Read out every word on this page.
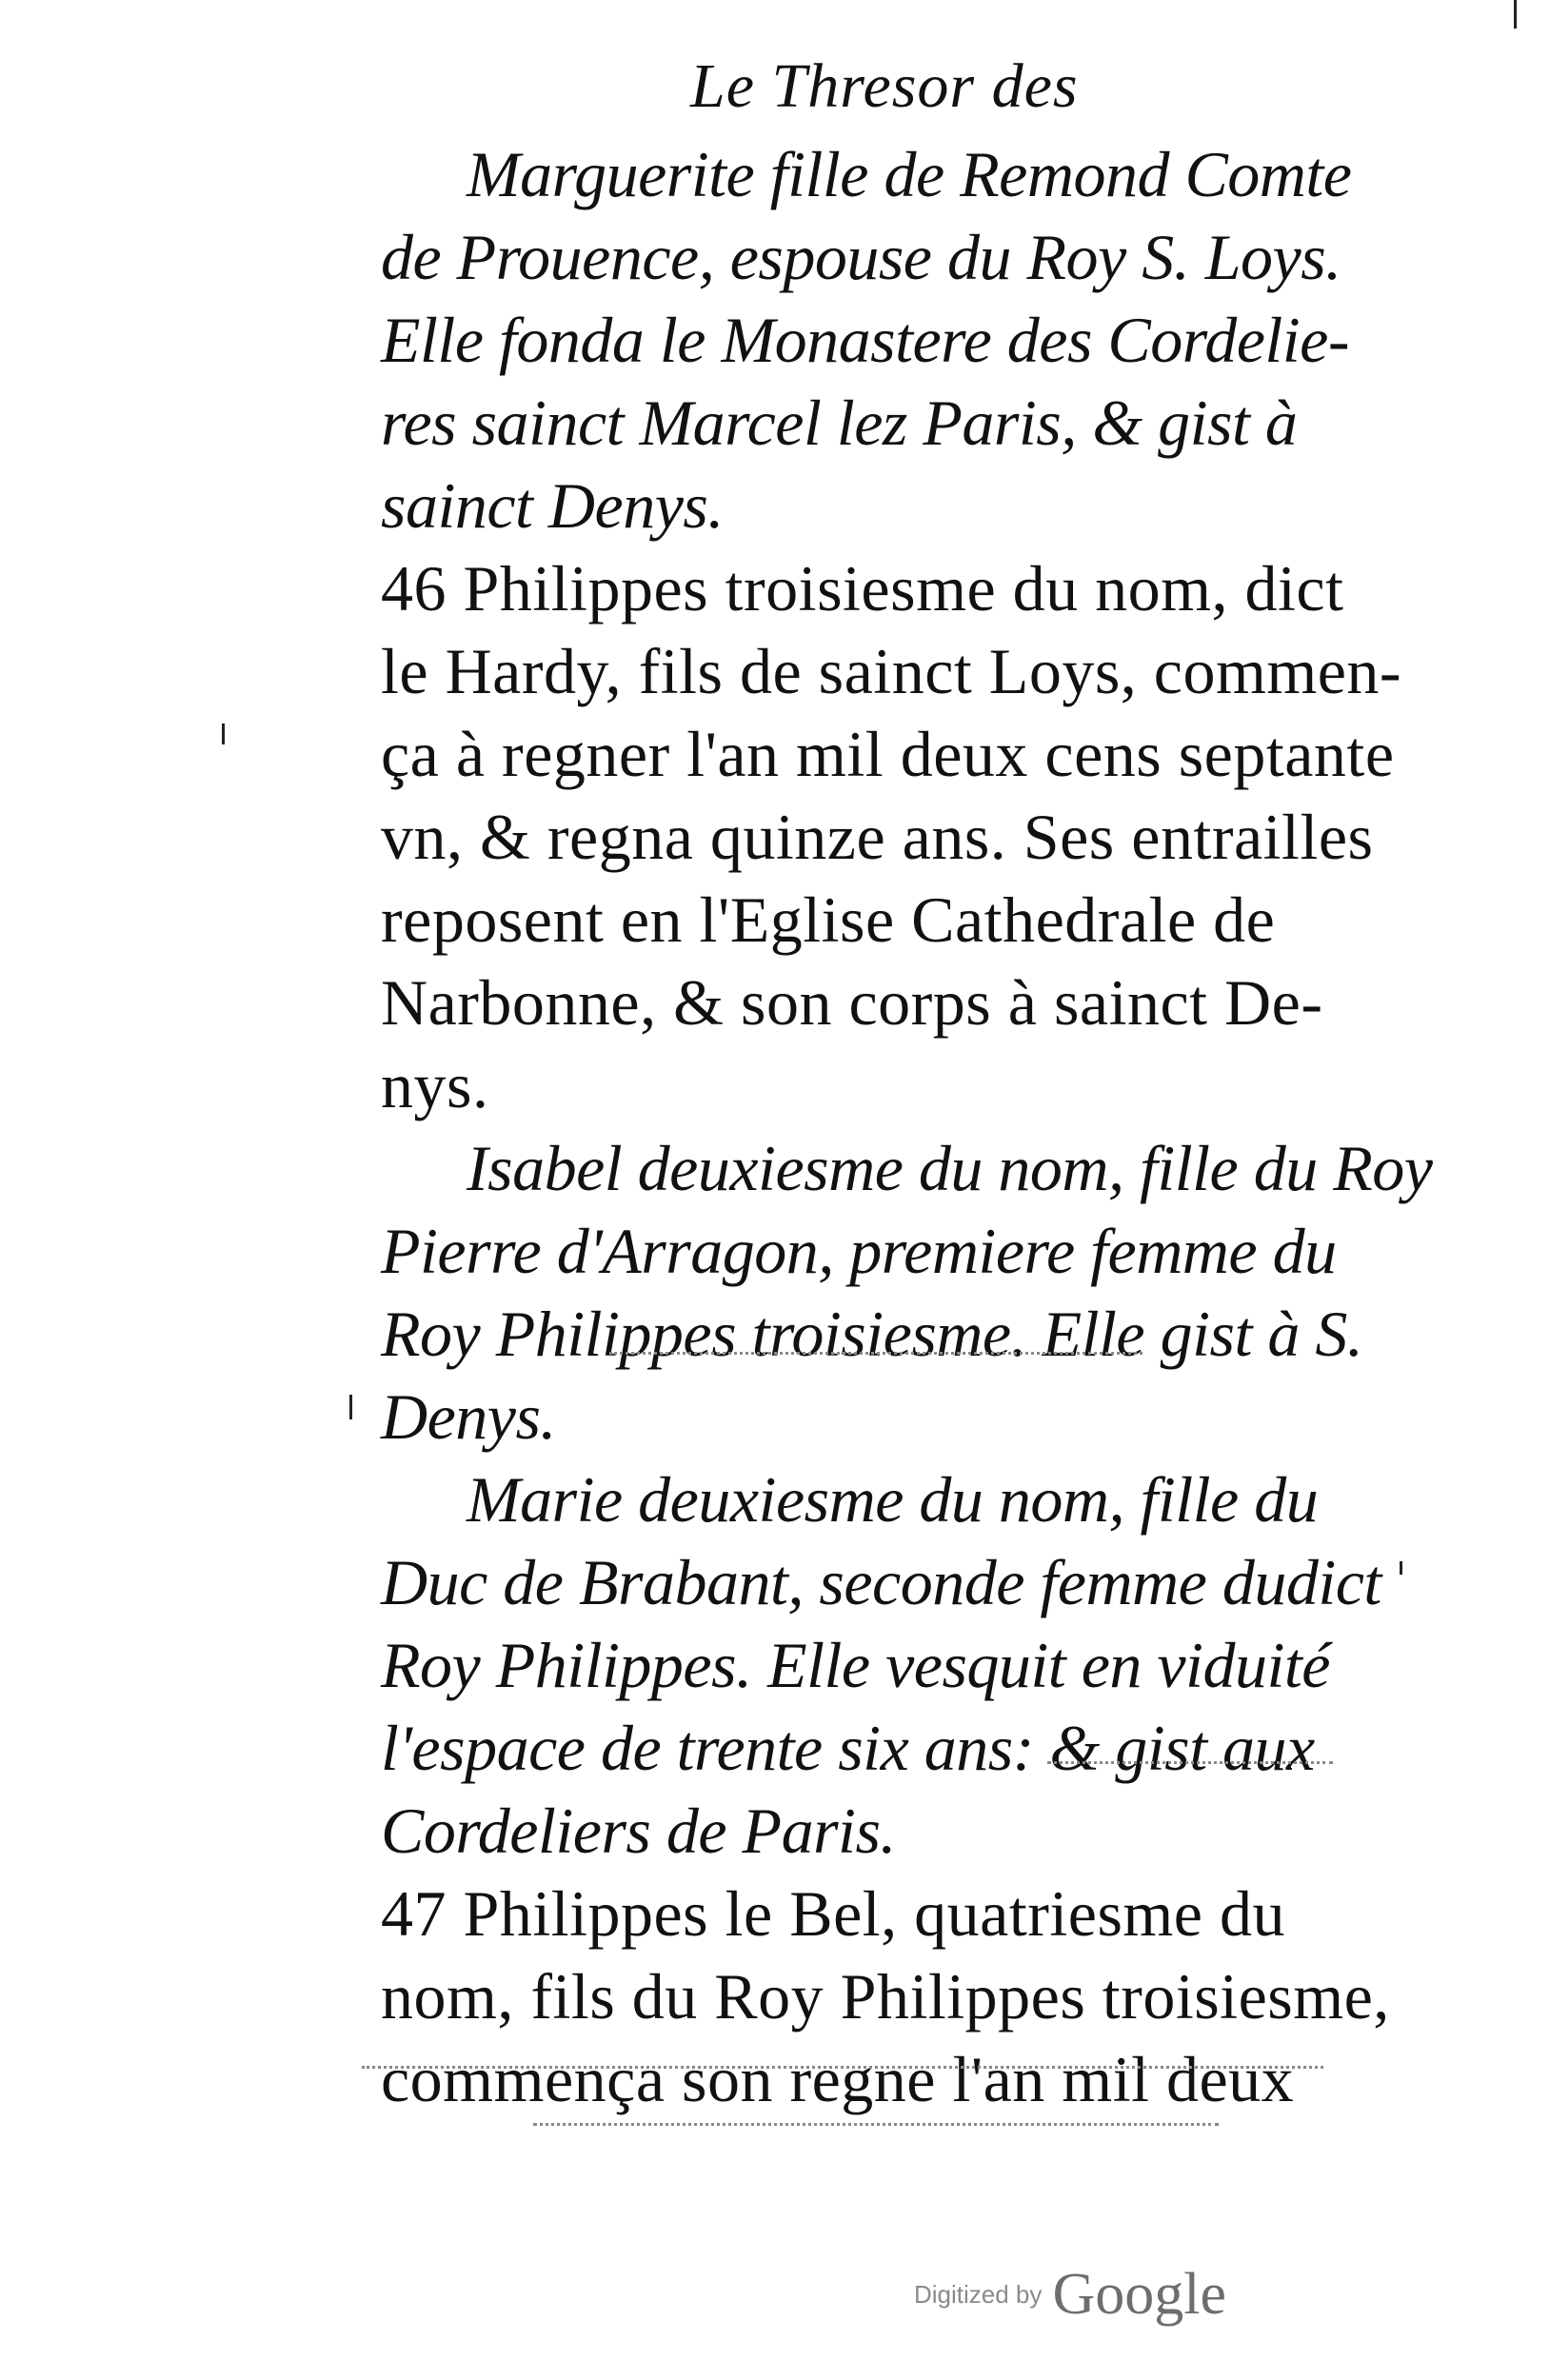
Le Thresor des
Marguerite fille de Remond Comte
de Prouence, espouse du Roy S. Loys.
Elle fonda le Monastere des Cordelie-
res sainct Marcel lez Paris, & gist à
sainct Denys.
46 Philippes troisiesme du nom, dict
le Hardy, fils de sainct Loys, commen-
ça à regner l'an mil deux cens septante
vn, & regna quinze ans. Ses entrailles
reposent en l'Eglise Cathedrale de
Narbonne, & son corps à sainct De-
nys.
Isabel deuxiesme du nom, fille du Roy
Pierre d'Arragon, premiere femme du
Roy Philippes troisiesme. Elle gist à S.
Denys.
Marie deuxiesme du nom, fille du
Duc de Brabant, seconde femme dudict
Roy Philippes. Elle vesquit en viduité
l'espace de trente six ans: & gist aux
Cordeliers de Paris.
47 Philippes le Bel, quatriesme du
nom, fils du Roy Philippes troisiesme,
commença son regne l'an mil deux
Digitized by Google
